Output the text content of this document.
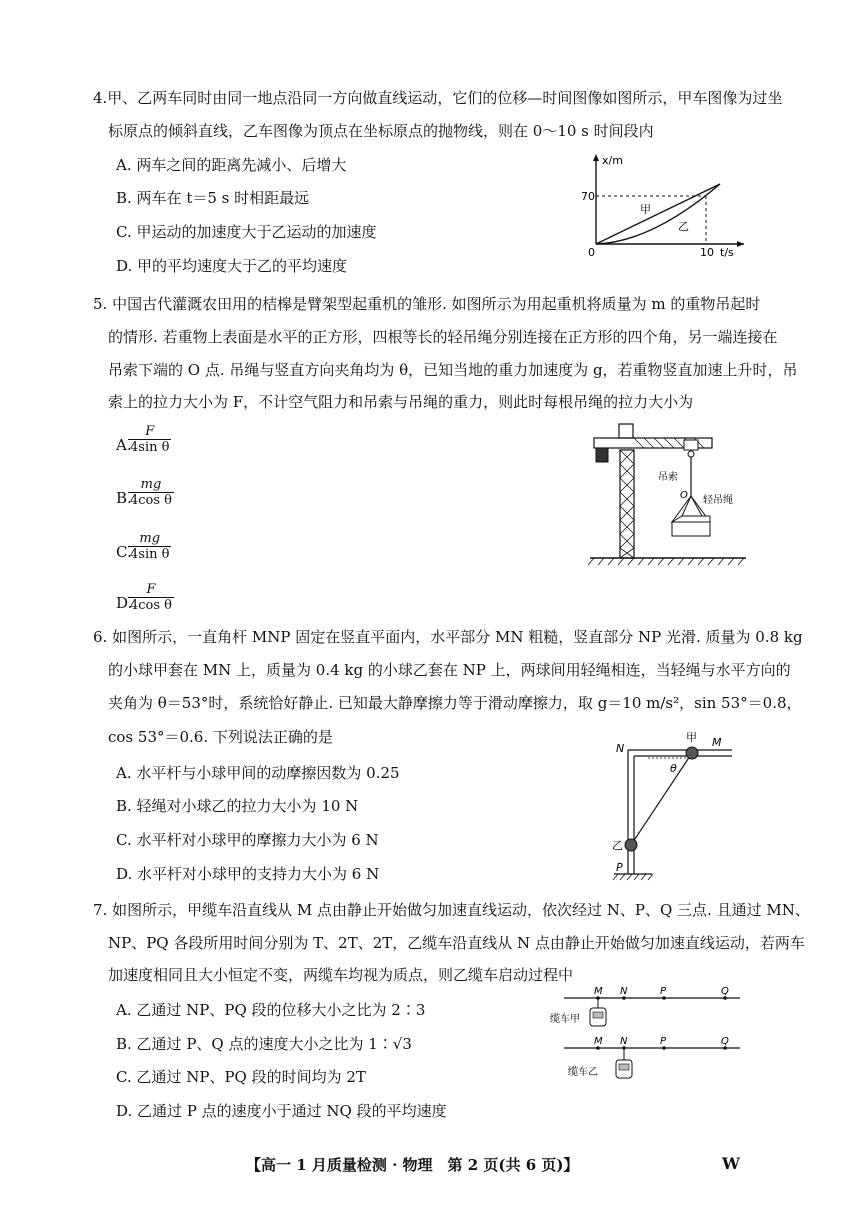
4.甲、乙两车同时由同一地点沿同一方向做直线运动，它们的位移—时间图像如图所示，甲车图像为过坐
标原点的倾斜直线，乙车图像为顶点在坐标原点的抛物线，则在 0～10 s 时间段内
A. 两车之间的距离先减小、后增大
B. 两车在 t＝5 s 时相距最远
C. 甲运动的加速度大于乙运动的加速度
D. 甲的平均速度大于乙的平均速度
x/m
t/s
70
10
0
甲
乙
5. 中国古代灌溉农田用的桔槔是臂架型起重机的雏形. 如图所示为用起重机将质量为 m 的重物吊起时
的情形. 若重物上表面是水平的正方形，四根等长的轻吊绳分别连接在正方形的四个角，另一端连接在
吊索下端的 O 点. 吊绳与竖直方向夹角均为 θ，已知当地的重力加速度为 g，若重物竖直加速上升时，吊
索上的拉力大小为 F，不计空气阻力和吊索与吊绳的重力，则此时每根吊绳的拉力大小为
A.
$\frac{F}{\text{4sin θ}}$
B.
$\frac{mg}{\text{4cos θ}}$
C.
$\frac{mg}{\text{4sin θ}}$
D.
$\frac{F}{\text{4cos θ}}$
吊索
O 轻吊绳
6. 如图所示，一直角杆 MNP 固定在竖直平面内，水平部分 MN 粗糙，竖直部分 NP 光滑. 质量为 0.8 kg
的小球甲套在 MN 上，质量为 0.4 kg 的小球乙套在 NP 上，两球间用轻绳相连，当轻绳与水平方向的
夹角为 θ＝53°时，系统恰好静止. 已知最大静摩擦力等于滑动摩擦力，取 g＝10 m/s²，sin 53°＝0.8，
cos 53°＝0.6. 下列说法正确的是
A. 水平杆与小球甲间的动摩擦因数为 0.25
B. 轻绳对小球乙的拉力大小为 10 N
C. 水平杆对小球甲的摩擦力大小为 6 N
D. 水平杆对小球甲的支持力大小为 6 N
N	M
P
甲
乙
θ
7. 如图所示，甲缆车沿直线从 M 点由静止开始做匀加速直线运动，依次经过 N、P、Q 三点. 且通过 MN、
NP、PQ 各段所用时间分别为 T、2T、2T，乙缆车沿直线从 N 点由静止开始做匀加速直线运动，若两车
加速度相同且大小恒定不变，两缆车均视为质点，则乙缆车启动过程中
A. 乙通过 NP、PQ 段的位移大小之比为 2∶3
B. 乙通过 P、Q 点的速度大小之比为 1∶√3
C. 乙通过 NP、PQ 段的时间均为 2T
D. 乙通过 P 点的速度小于通过 NQ 段的平均速度
M N	P	Q
缆车甲
M N	P	Q
缆车乙
【高一 1 月质量检测 · 物理　第 2 页(共 6 页)】	W
